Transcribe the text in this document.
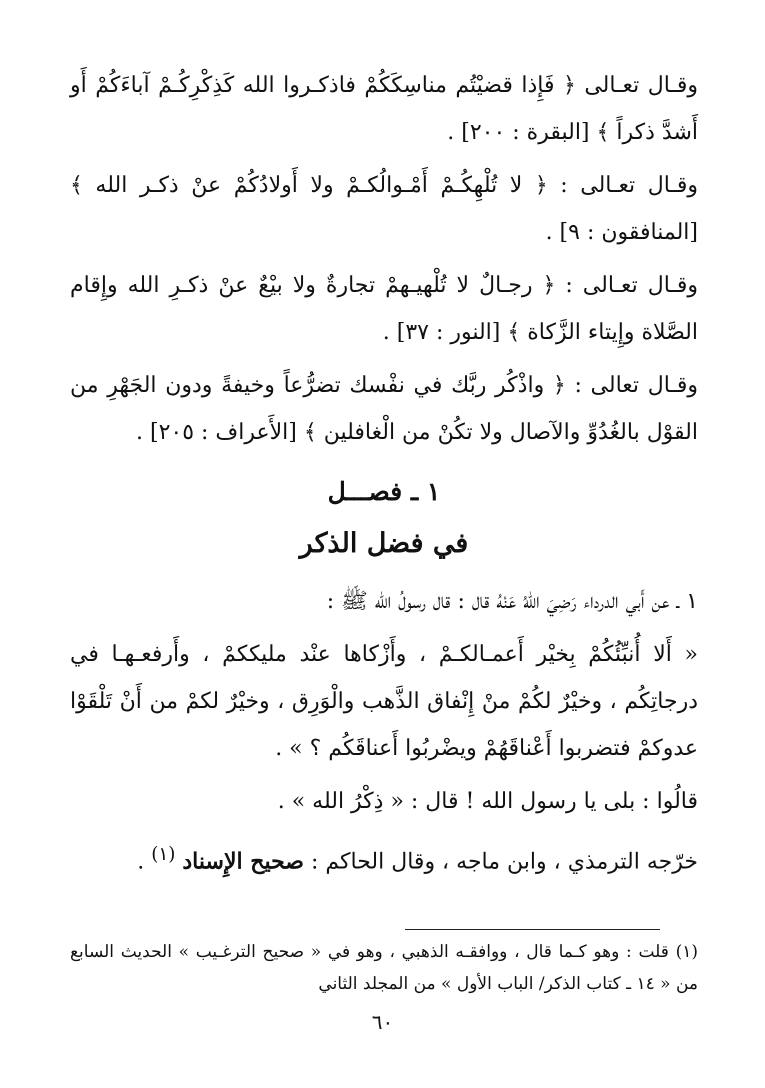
وقـال تعـالى ﴿ فَإِذا قضيْتُم مناسِكَكُمْ فاذكـروا الله كَذِكْرِكُـمْ آباءَكُمْ أَو أَشدَّ ذكراً ﴾ [البقرة : ٢٠٠] .

وقـال تعـالى : ﴿ لا تُلْهِكُـمْ أَمْـوالُكـمْ ولا أَولادُكُمْ عنْ ذكـر الله ﴾ [المنافقون : ٩] .

وقـال تعـالى : ﴿ رجـالٌ لا تُلْهيـهمْ تجارةٌ ولا بيْعٌ عنْ ذكـرِ الله وإِقام الصَّلاة وإِيتاء الزَّكاة ﴾ [النور : ٣٧] .

وقـال تعالى : ﴿ واذْكُر ربَّك في نفْسك تضرُّعاً وخيفةً ودون الجَهْرِ من القوْل بالغُدُوِّ والآصال ولا تكُنْ من الْغافلين ﴾ [الأَعراف : ٢٠٥] .

١ ـ فصـــل
في فضل الذكر

١ ـ عن أَبي الدرداء رَضِيَ اللهُ عَنْهُ قال : قال رسولُ الله ﷺ :

« أَلا أُنبِّئُكُمْ بِخيْر أَعمـالكـمْ ، وأَزْكاها عنْد مليككمْ ، وأَرفعـهـا في درجاتِكُم ، وخيْرٌ لكُمْ منْ إِنْفاق الذَّهب والْوَرِق ، وخيْرٌ لكمْ من أَنْ تَلْقَوْا عدوكمْ فتضربوا أَعْناقَهُمْ ويضْربُوا أَعناقَكُم ؟ » .

قالُوا : بلى يا رسول الله ! قال : « ذِكْرُ الله » .

خرّجه الترمذي ، وابن ماجه ، وقال الحاكم : صحيح الإِسناد $^{(١)}$ .

(١) قلت : وهو كـما قال ، ووافقـه الذهبي ، وهو في « صحيح الترغـيب » الحديث السابع من « ١٤ ـ كتاب الذكر/ الباب الأول » من المجلد الثاني
٦٠
